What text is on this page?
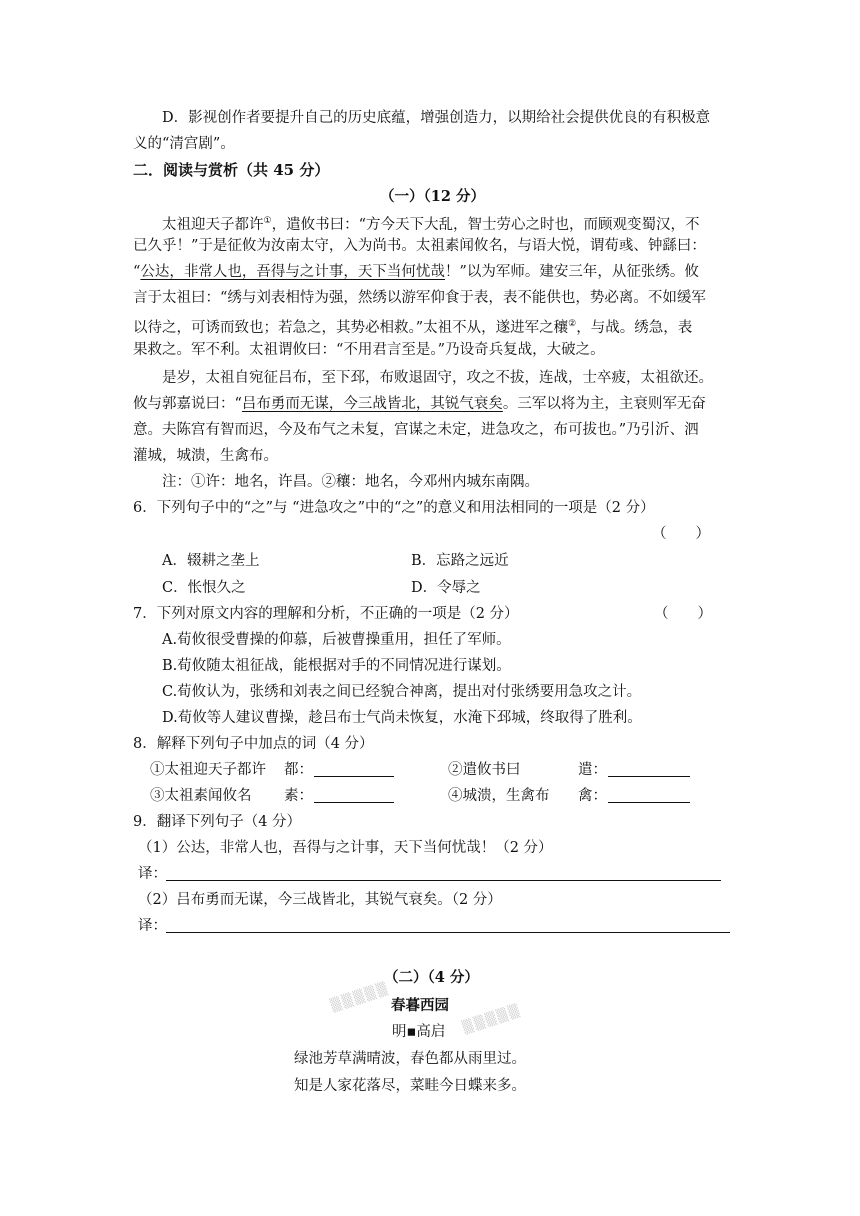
D．影视创作者要提升自己的历史底蕴，增强创造力，以期给社会提供优良的有积极意
义的“清宫剧”。
二．阅读与赏析（共 45 分）
（一）（12 分）
太祖迎天子都许①，遣攸书曰：“方今天下大乱，智士劳心之时也，而顾观变蜀汉，不
已久乎！”于是征攸为汝南太守，入为尚书。太祖素闻攸名，与语大悦，谓荀彧、钟繇曰：
“公达，非常人也，吾得与之计事，天下当何忧哉！”以为军师。建安三年，从征张绣。攸
言于太祖曰：“绣与刘表相恃为强，然绣以游军仰食于表，表不能供也，势必离。不如缓军
以待之，可诱而致也；若急之，其势必相救。”太祖不从，遂进军之穰②，与战。绣急，表
果救之。军不利。太祖谓攸曰：“不用君言至是。”乃设奇兵复战，大破之。
是岁，太祖自宛征吕布，至下邳，布败退固守，攻之不拔，连战，士卒疲，太祖欲还。
攸与郭嘉说曰：“吕布勇而无谋，今三战皆北，其锐气衰矣。三军以将为主，主衰则军无奋
意。夫陈宫有智而迟，今及布气之未复，宫谋之未定，进急攻之，布可拔也。”乃引沂、泗
灌城，城溃，生禽布。
注：①许：地名，许昌。②穰：地名，今邓州内城东南隅。
6．下列句子中的“之”与 “进急攻之”中的“之”的意义和用法相同的一项是（2 分）
（　　）
A．辍耕之垄上	B．忘路之远近
C．怅恨久之	D．令辱之
7．下列对原文内容的理解和分析，不正确的一项是（2 分）	（　　）
A.荀攸很受曹操的仰慕，后被曹操重用，担任了军师。
B.荀攸随太祖征战，能根据对手的不同情况进行谋划。
C.荀攸认为，张绣和刘表之间已经貌合神离，提出对付张绣要用急攻之计。
D.荀攸等人建议曹操，趁吕布士气尚未恢复，水淹下邳城，终取得了胜利。
8．解释下列句子中加点的词（4 分）
①太祖迎天子都许 都：	②遣攸书曰	遣：
③太祖素闻攸名 素：	④城溃，生禽布 禽：
9．翻译下列句子（4 分）
（1）公达，非常人也，吾得与之计事，天下当何忧哉！（2 分）
译：
（2）吕布勇而无谋，今三战皆北，其锐气衰矣。（2 分）
译：
（二）（4 分）
▒▒▒▒▒
▒▒▒▒▒
春暮西园
明▪高启
绿池芳草满晴波，春色都从雨里过。
知是人家花落尽，菜畦今日蝶来多。
